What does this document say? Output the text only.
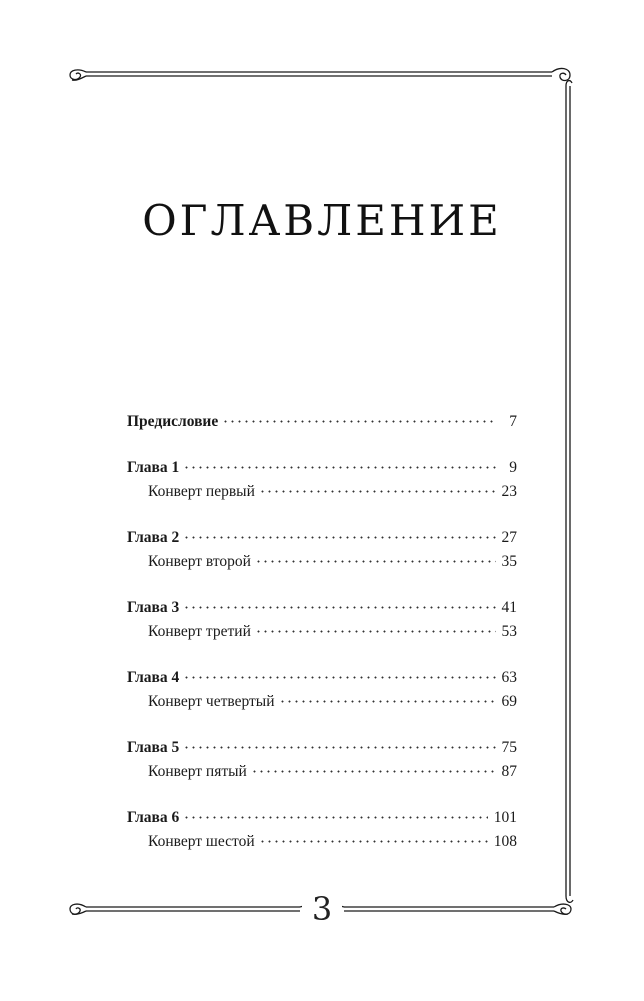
ОГЛАВЛЕНИЕ
Предисловие	7
Глава 1	9
Конверт первый	23
Глава 2	27
Конверт второй	35
Глава 3	41
Конверт третий	53
Глава 4	63
Конверт четвертый	69
Глава 5	75
Конверт пятый	87
Глава 6	101
Конверт шестой	108
3
